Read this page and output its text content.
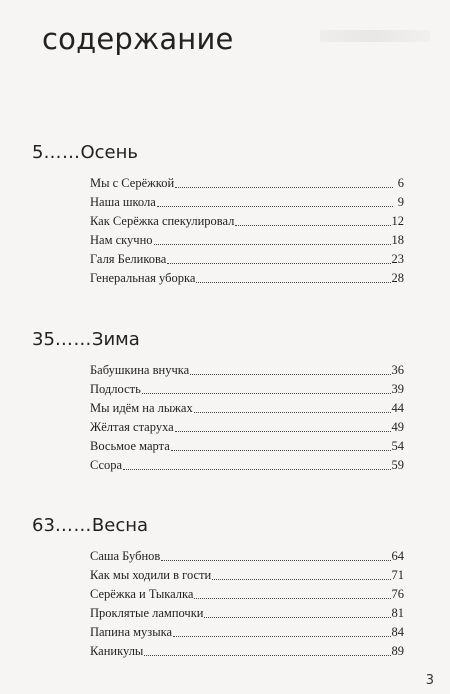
содержание
5……Осень
Мы с Серёжкой	6
Наша школа	9
Как Серёжка спекулировал	12
Нам скучно	18
Галя Беликова	23
Генеральная уборка	28
35……Зима
Бабушкина внучка	36
Подлость	39
Мы идём на лыжах	44
Жёлтая старуха	49
Восьмое марта	54
Ссора	59
63……Весна
Саша Бубнов	64
Как мы ходили в гости	71
Серёжка и Тыкалка	76
Проклятые лампочки	81
Папина музыка	84
Каникулы	89
3
